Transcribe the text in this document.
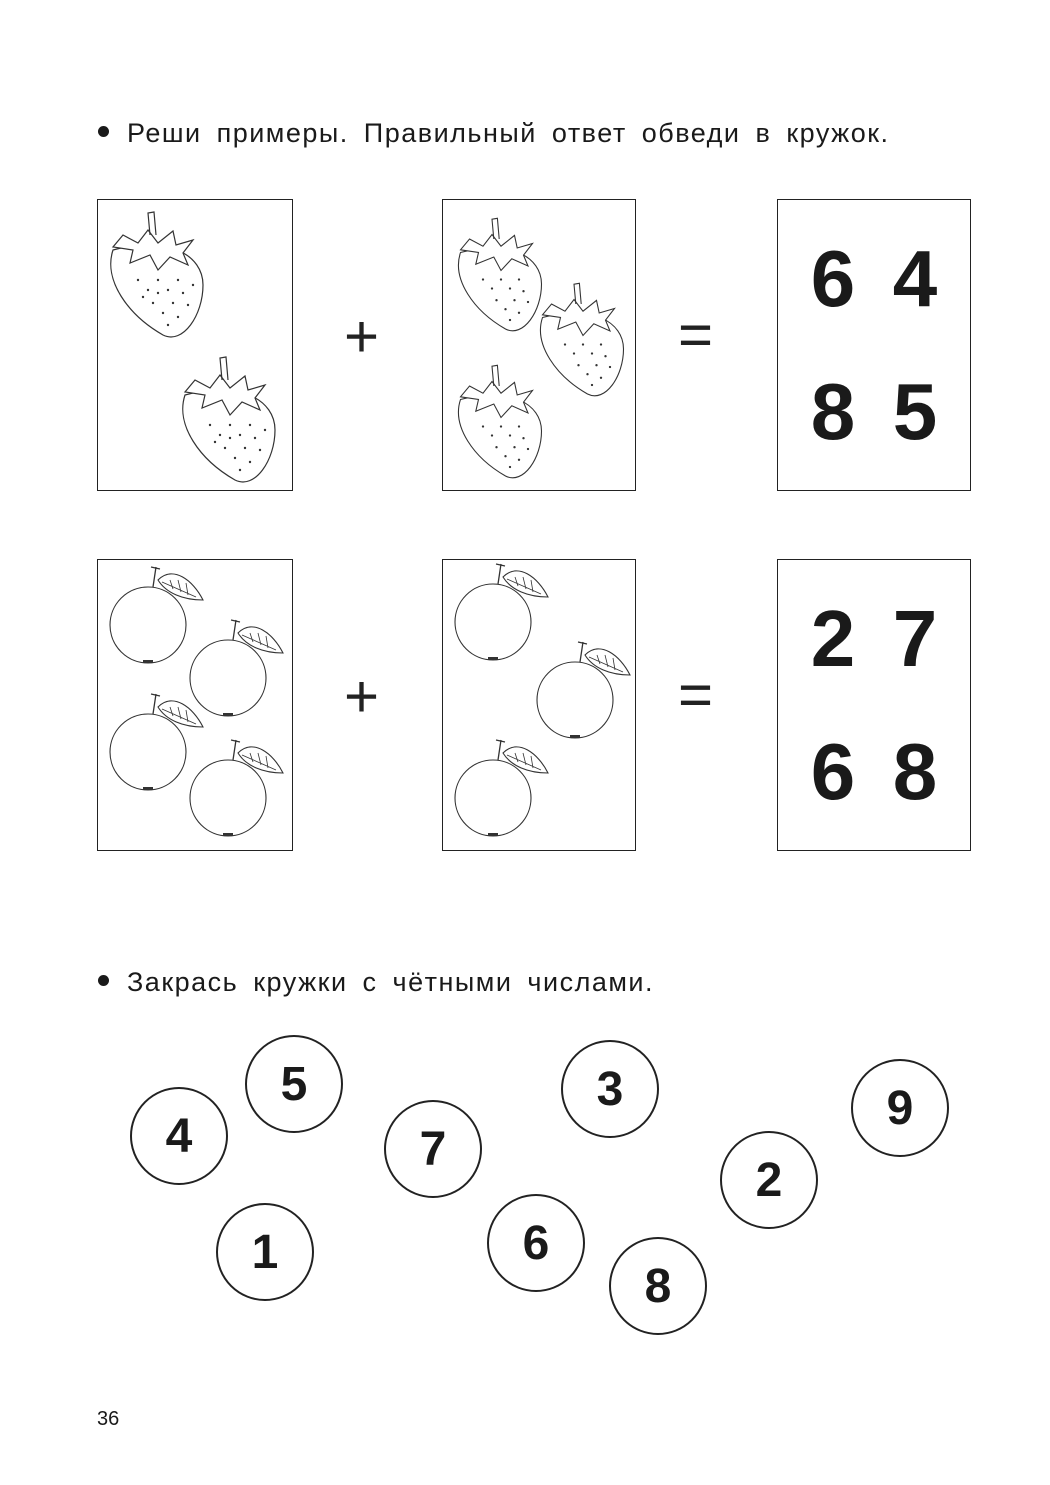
Реши примеры. Правильный ответ обведи в кружок.
+	=
6 4
8 5
+	=
2 7
6 8
Закрась кружки с чётными числами.
5
4
1
7
6
3
8
2
9
36
